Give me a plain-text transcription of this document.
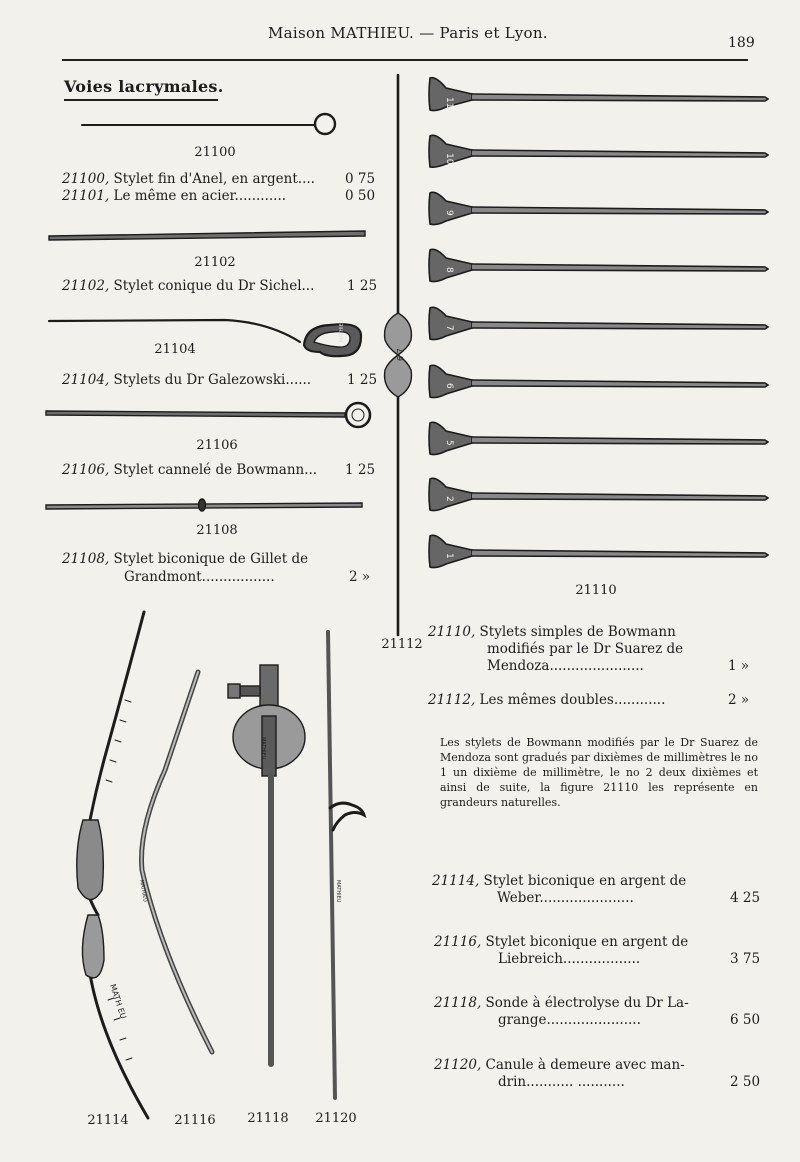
Maison MATHIEU. — Paris et Lyon.
189
Voies lacrymales.
11
10
9
8
7
6
5
2
1
6 7
MATHIEU
MATH EU
MATHIEU
MATHIEU
MATHIEU
21100
21100, Stylet fin d'Anel, en argent.... 0 75
21101, Le même en acier............	0 50
21102
21102, Stylet conique du Dr Sichel... 1 25
21104
21104, Stylets du Dr Galezowski......	1 25
21106
21106, Stylet cannelé de Bowmann... 1 25
21108
21108, Stylet biconique de Gillet de
Grandmont.................	2 »
21110
21112
21110, Stylets simples de Bowmann
modifiés par le Dr Suarez de
Mendoza......................	1 »
21112, Les mêmes doubles............	2 »
Les stylets de Bowmann modifiés par le Dr Suarez de Mendoza sont gradués par dixièmes de millimètres le no 1 un dixième de millimètre, le no 2 deux dixièmes et ainsi de suite, la figure 21110 les représente en grandeurs naturelles.
21114, Stylet biconique en argent de
Weber......................	4 25
21116, Stylet biconique en argent de
Liebreich..................	3 75
21118, Sonde à électrolyse du Dr La-
grange......................	6 50
21120, Canule à demeure avec man-
drin........... ...........	2 50
21114	21116	21118	21120
